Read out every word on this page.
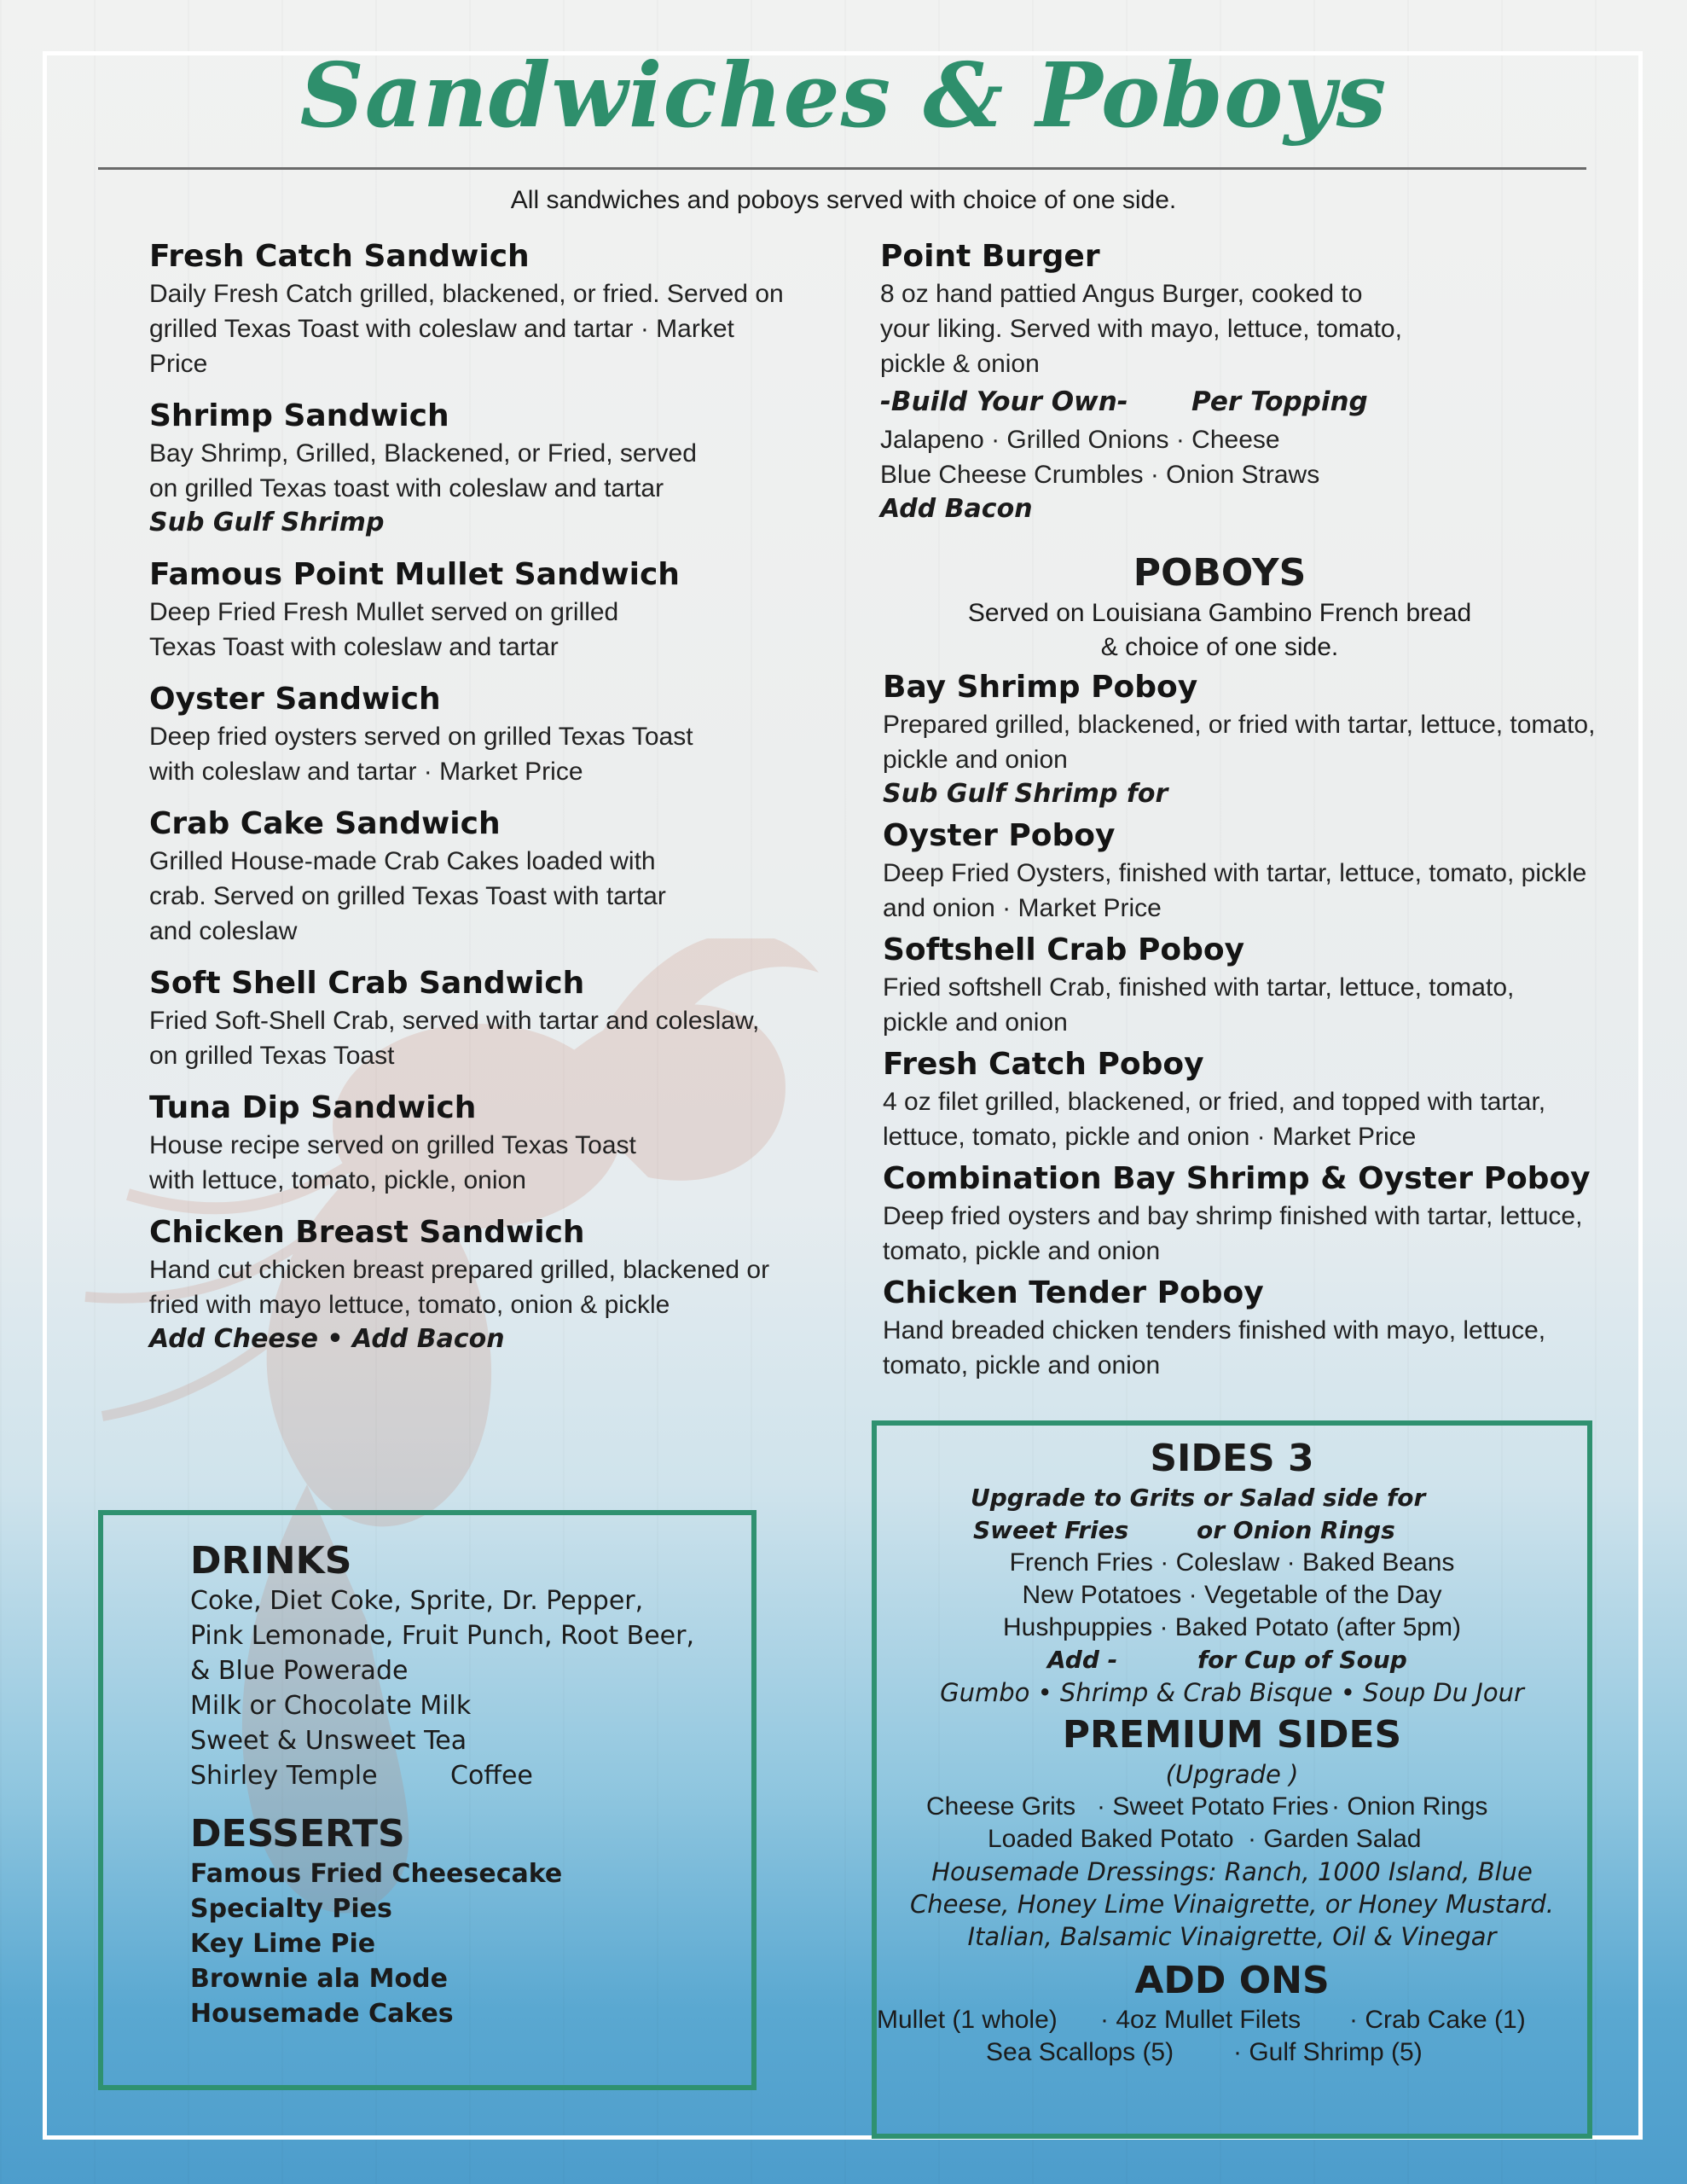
Sandwiches & Poboys
All sandwiches and poboys served with choice of one side.
Fresh Catch Sandwich
Daily Fresh Catch grilled, blackened, or fried. Served on
grilled Texas Toast with coleslaw and tartar · Market Price
Shrimp Sandwich
Bay Shrimp, Grilled, Blackened, or Fried, served
on grilled Texas toast with coleslaw and tartar
Sub Gulf Shrimp
Famous Point Mullet Sandwich
Deep Fried Fresh Mullet served on grilled
Texas Toast with coleslaw and tartar
Oyster Sandwich
Deep fried oysters served on grilled Texas Toast
with coleslaw and tartar · Market Price
Crab Cake Sandwich
Grilled House-made Crab Cakes loaded with
crab. Served on grilled Texas Toast with tartar
and coleslaw
Soft Shell Crab Sandwich
Fried Soft-Shell Crab, served with tartar and coleslaw,
on grilled Texas Toast
Tuna Dip Sandwich
House recipe served on grilled Texas Toast
with lettuce, tomato, pickle, onion
Chicken Breast Sandwich
Hand cut chicken breast prepared grilled, blackened or
fried with mayo lettuce, tomato, onion & pickle
Add Cheese • Add Bacon
Point Burger
8 oz hand pattied Angus Burger, cooked to
your liking. Served with mayo, lettuce, tomato,
pickle & onion
-Build Your Own- Per Topping
Jalapeno · Grilled Onions · Cheese
Blue Cheese Crumbles · Onion Straws
Add Bacon
POBOYS
Served on Louisiana Gambino French bread
& choice of one side.
Bay Shrimp Poboy
Prepared grilled, blackened, or fried with tartar, lettuce, tomato,
pickle and onion
Sub Gulf Shrimp for
Oyster Poboy
Deep Fried Oysters, finished with tartar, lettuce, tomato, pickle
and onion · Market Price
Softshell Crab Poboy
Fried softshell Crab, finished with tartar, lettuce, tomato,
pickle and onion
Fresh Catch Poboy
4 oz filet grilled, blackened, or fried, and topped with tartar,
lettuce, tomato, pickle and onion · Market Price
Combination Bay Shrimp & Oyster Poboy
Deep fried oysters and bay shrimp finished with tartar, lettuce,
tomato, pickle and onion
Chicken Tender Poboy
Hand breaded chicken tenders finished with mayo, lettuce,
tomato, pickle and onion
DRINKS
Coke, Diet Coke, Sprite, Dr. Pepper,
Pink Lemonade, Fruit Punch, Root Beer,
& Blue Powerade
Milk or Chocolate Milk
Sweet & Unsweet Tea
Shirley Temple	Coffee
DESSERTS
Famous Fried Cheesecake
Specialty Pies
Key Lime Pie
Brownie ala Mode
Housemade Cakes
SIDES 3
Upgrade to Grits or Salad side for
Sweet Fries	or Onion Rings
French Fries · Coleslaw · Baked Beans
New Potatoes · Vegetable of the Day
Hushpuppies · Baked Potato (after 5pm)
Add -	for Cup of Soup
Gumbo • Shrimp & Crab Bisque • Soup Du Jour
PREMIUM SIDES
(Upgrade )
Cheese Grits · Sweet Potato Fries · Onion Rings
Loaded Baked Potato · Garden Salad
Housemade Dressings: Ranch, 1000 Island, Blue
Cheese, Honey Lime Vinaigrette, or Honey Mustard.
Italian, Balsamic Vinaigrette, Oil & Vinegar
ADD ONS
Mullet (1 whole) · 4oz Mullet Filets · Crab Cake (1)
Sea Scallops (5) · Gulf Shrimp (5)
